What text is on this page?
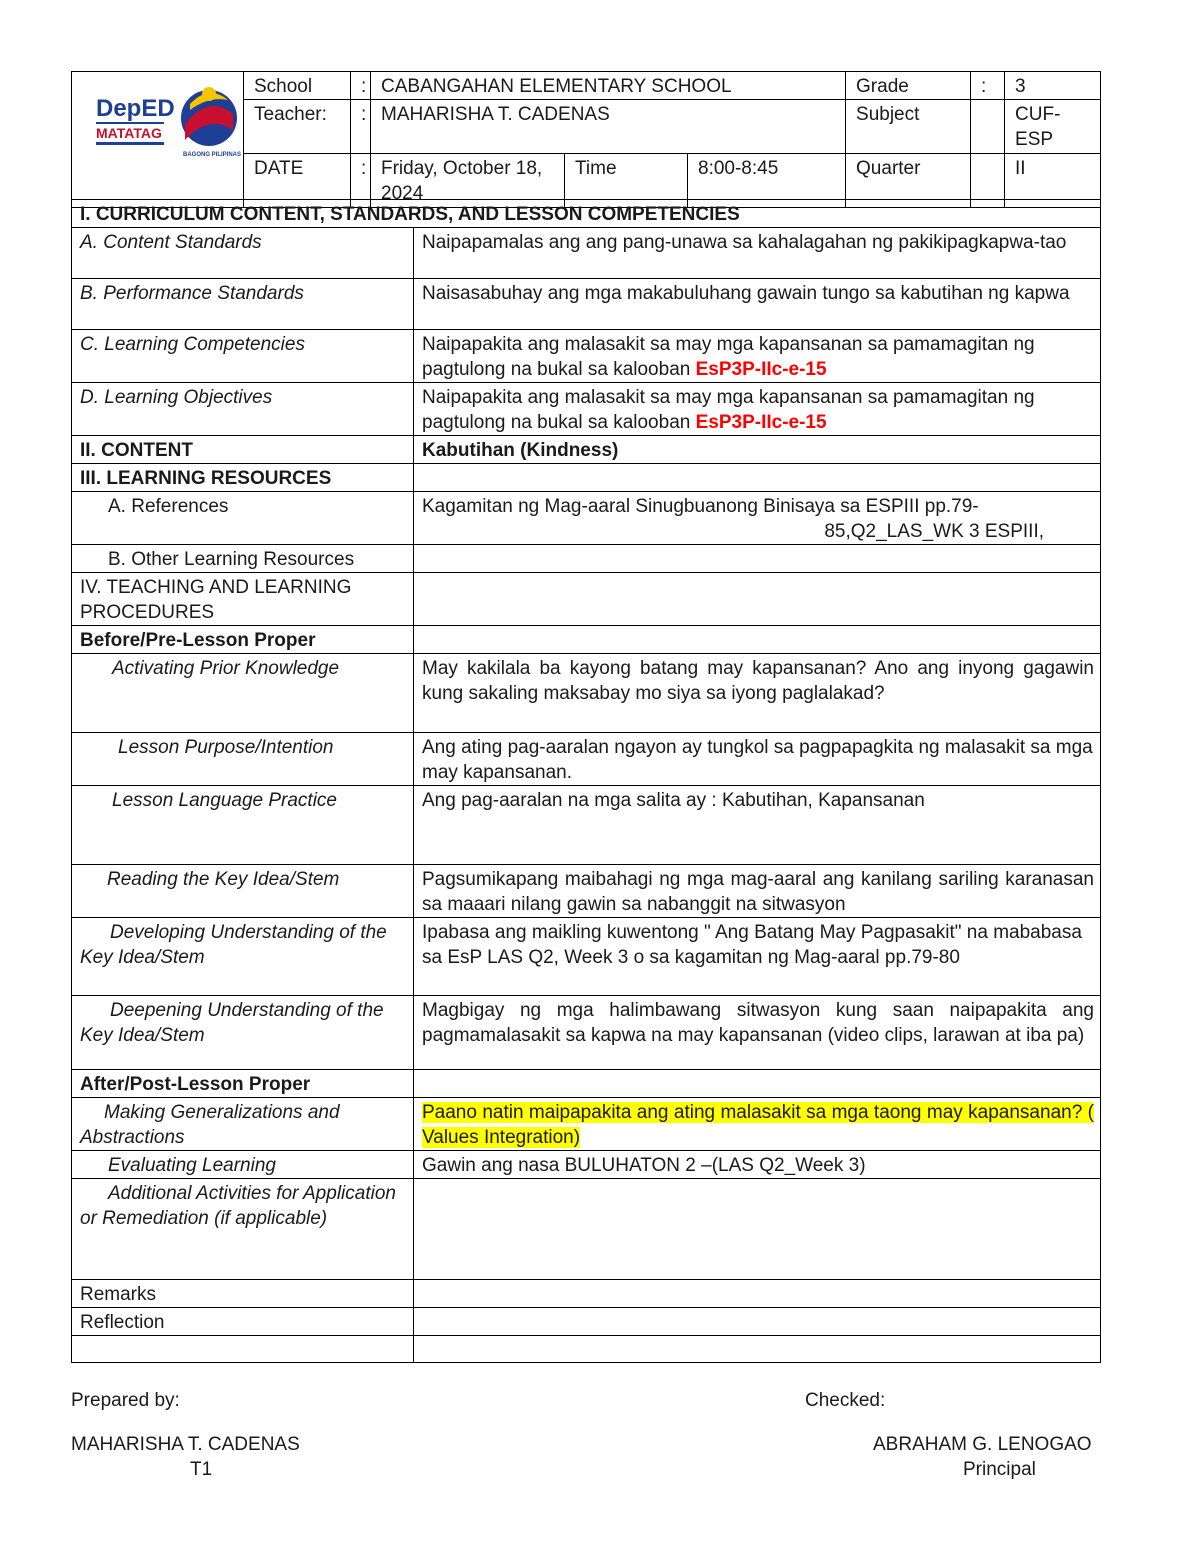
DepED
MATATAG
BAGONG PILIPINAS	School	:	CABANGAHAN ELEMENTARY SCHOOL			Grade	:	3
	Teacher:	:	MAHARISHA T. CADENAS			Subject		CUF-ESP
	DATE	:	Friday, October 18, 2024	Time	8:00-8:45	Quarter		II
I. CURRICULUM CONTENT, STANDARDS, AND LESSON COMPETENCIES	
A. Content Standards	Naipapamalas ang ang pang-unawa sa kahalagahan ng pakikipagkapwa-tao
B. Performance Standards	Naisasabuhay ang mga makabuluhang gawain tungo sa kabutihan ng kapwa
C. Learning Competencies	Naipapakita ang malasakit sa may mga kapansanan sa pamamagitan ng pagtulong na bukal sa kalooban EsP3P-IIc-e-15
D. Learning Objectives	Naipapakita ang malasakit sa may mga kapansanan sa pamamagitan ng pagtulong na bukal sa kalooban EsP3P-IIc-e-15
II. CONTENT	Kabutihan (Kindness)
III. LEARNING RESOURCES	
A. References	Kagamitan ng Mag-aaral Sinugbuanong Binisaya sa ESPIII pp.79-
85,Q2_LAS_WK 3 ESPIII,

B. Other Learning Resources	
IV. TEACHING AND LEARNING PROCEDURES	
Before/Pre-Lesson Proper	
Activating Prior Knowledge	May kakilala ba kayong batang may kapansanan? Ano ang inyong gagawin kung sakaling maksabay mo siya sa iyong paglalakad?
Lesson Purpose/Intention	Ang ating pag-aaralan ngayon ay tungkol sa pagpapagkita ng malasakit sa mga may kapansanan.
Lesson Language Practice	Ang pag-aaralan na mga salita ay : Kabutihan, Kapansanan
Reading the Key Idea/Stem	Pagsumikapang maibahagi ng mga mag-aaral ang kanilang sariling karanasan sa maaari nilang gawin sa nabanggit na sitwasyon
Developing Understanding of the Key Idea/Stem	Ipabasa ang maikling kuwentong " Ang Batang May Pagpasakit" na mababasa sa EsP LAS Q2, Week 3 o sa kagamitan ng Mag-aaral pp.79-80
Deepening Understanding of the Key Idea/Stem	Magbigay ng mga halimbawang sitwasyon kung saan naipapakita ang pagmamalasakit sa kapwa na may kapansanan (video clips, larawan at iba pa)
After/Post-Lesson Proper	
Making Generalizations and Abstractions	Paano natin maipapakita ang ating malasakit sa mga taong may kapansanan? ( Values Integration)
Evaluating Learning	Gawin ang nasa BULUHATON 2 –(LAS Q2_Week 3)
Additional Activities for Application or Remediation (if applicable)	
Remarks	
Reflection	

Prepared by:
MAHARISHA T. CADENAS
T1
Checked:
ABRAHAM G. LENOGAO
Principal
